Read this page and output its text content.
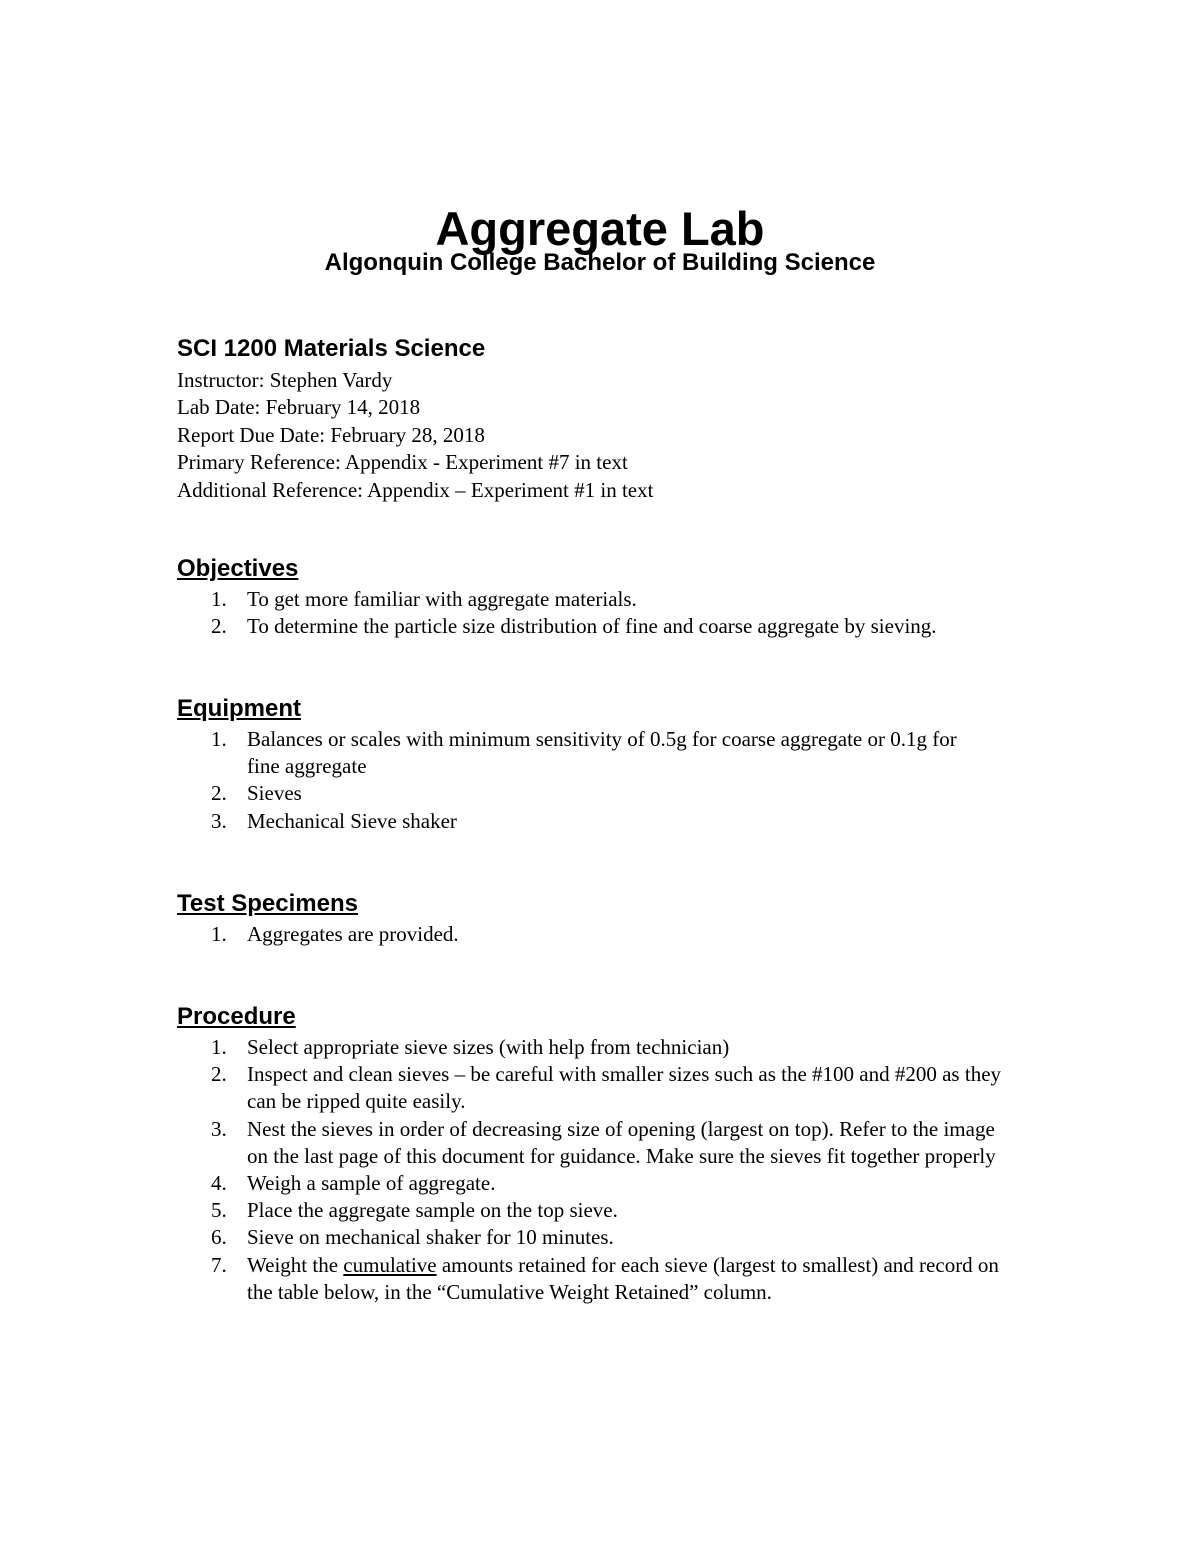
Aggregate Lab
Algonquin College Bachelor of Building Science
SCI 1200 Materials Science
Instructor: Stephen Vardy
Lab Date: February 14, 2018
Report Due Date: February 28, 2018
Primary Reference: Appendix - Experiment #7 in text
Additional Reference: Appendix – Experiment #1 in text
Objectives
1. To get more familiar with aggregate materials.
2. To determine the particle size distribution of fine and coarse aggregate by sieving.
Equipment
1. Balances or scales with minimum sensitivity of 0.5g for coarse aggregate or 0.1g for fine aggregate
2. Sieves
3. Mechanical Sieve shaker
Test Specimens
1. Aggregates are provided.
Procedure
1. Select appropriate sieve sizes (with help from technician)
2. Inspect and clean sieves – be careful with smaller sizes such as the #100 and #200 as they can be ripped quite easily.
3. Nest the sieves in order of decreasing size of opening (largest on top). Refer to the image on the last page of this document for guidance. Make sure the sieves fit together properly
4. Weigh a sample of aggregate.
5. Place the aggregate sample on the top sieve.
6. Sieve on mechanical shaker for 10 minutes.
7. Weight the cumulative amounts retained for each sieve (largest to smallest) and record on the table below, in the “Cumulative Weight Retained” column.
